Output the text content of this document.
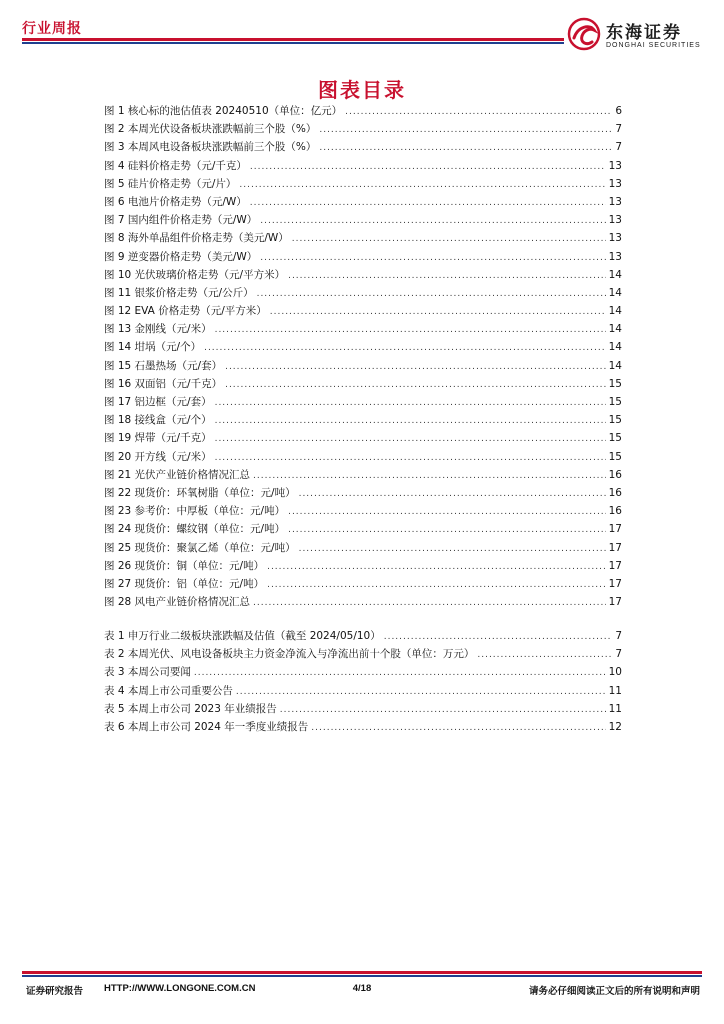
行业周报	东海证券
DONGHAI SECURITIES
图表目录
图 1 核心标的池估值表 20240510（单位：亿元） .....	6
图 2 本周光伏设备板块涨跌幅前三个股（%） .....	7
图 3 本周风电设备板块涨跌幅前三个股（%） .....	7
图 4 硅料价格走势（元/千克） .....	13
图 5 硅片价格走势（元/片） .....	13
图 6 电池片价格走势（元/W） .....	13
图 7 国内组件价格走势（元/W） .....	13
图 8 海外单晶组件价格走势（美元/W） .....	13
图 9 逆变器价格走势（美元/W） .....	13
图 10 光伏玻璃价格走势（元/平方米） .....	14
图 11 银浆价格走势（元/公斤） .....	14
图 12 EVA 价格走势（元/平方米） .....	14
图 13 金刚线（元/米） .....	14
图 14 坩埚（元/个） .....	14
图 15 石墨热场（元/套） .....	14
图 16 双面铝（元/千克） .....	15
图 17 铝边框（元/套） .....	15
图 18 接线盒（元/个） .....	15
图 19 焊带（元/千克） .....	15
图 20 开方线（元/米） .....	15
图 21 光伏产业链价格情况汇总 .....	16
图 22 现货价：环氧树脂（单位：元/吨） .....	16
图 23 参考价：中厚板（单位：元/吨） .....	16
图 24 现货价：螺纹钢（单位：元/吨） .....	17
图 25 现货价：聚氯乙烯（单位：元/吨） .....	17
图 26 现货价：铜（单位：元/吨） .....	17
图 27 现货价：铝（单位：元/吨） .....	17
图 28 风电产业链价格情况汇总 .....	17
表 1 申万行业二级板块涨跌幅及估值（截至 2024/05/10） .....	7
表 2 本周光伏、风电设备板块主力资金净流入与净流出前十个股（单位：万元） .....	7
表 3 本周公司要闻 .....	10
表 4 本周上市公司重要公告 .....	11
表 5 本周上市公司 2023 年业绩报告 .....	11
表 6 本周上市公司 2024 年一季度业绩报告 .....	12
证券研究报告 HTTP://WWW.LONGONE.COM.CN	4/18	请务必仔细阅读正文后的所有说明和声明
